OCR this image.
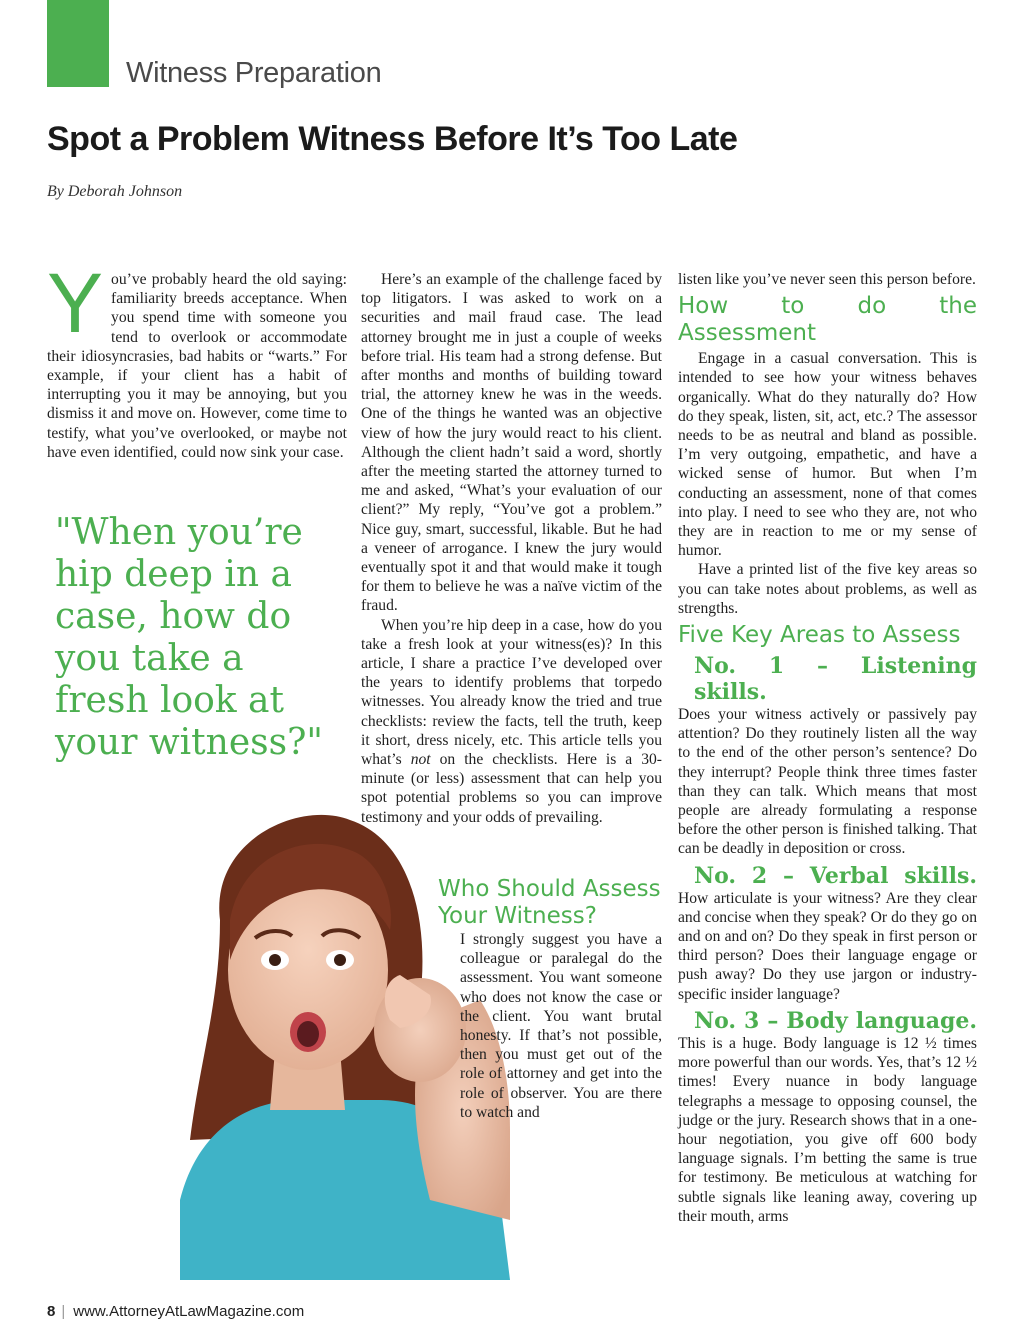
Witness Preparation
Spot a Problem Witness Before It’s Too Late
By Deborah Johnson
Y ou’ve probably heard the old saying: familiarity breeds acceptance. When you spend time with someone you tend to overlook or accommodate their idiosyncrasies, bad habits or “warts.” For example, if your client has a habit of interrupting you it may be annoying, but you dismiss it and move on. However, come time to testify, what you’ve overlooked, or maybe not have even identified, could now sink your case.

"When you’re hip deep in a case, how do you take a fresh look at your witness?"

Here’s an example of the challenge faced by top litigators. I was asked to work on a securities and mail fraud case. The lead attorney brought me in just a couple of weeks before trial. His team had a strong defense. But after months and months of building toward trial, the attorney knew he was in the weeds. One of the things he wanted was an objective view of how the jury would react to his client. Although the client hadn’t said a word, shortly after the meeting started the attorney turned to me and asked, “What’s your evaluation of our client?” My reply, “You’ve got a problem.” Nice guy, smart, successful, likable. But he had a veneer of arrogance. I knew the jury would eventually spot it and that would make it tough for them to believe he was a naïve victim of the fraud.

When you’re hip deep in a case, how do you take a fresh look at your witness(es)? In this article, I share a practice I’ve developed over the years to identify problems that torpedo witnesses. You already know the tried and true checklists: review the facts, tell the truth, keep it short, dress nicely, etc. This article tells you what’s not on the checklists. Here is a 30-minute (or less) assessment that can help you spot potential problems so you can improve testimony and your odds of prevailing.

Who Should Assess Your Witness?

I strongly suggest you have a colleague or paralegal do the assessment. You want someone who does not know the case or the client. You want brutal honesty. If that’s not possible, then you must get out of the role of attorney and get into the role of observer. You are there to watch and

listen like you’ve never seen this person before.

How to do the Assessment

Engage in a casual conversation. This is intended to see how your witness behaves organically. What do they naturally do? How do they speak, listen, sit, act, etc.? The assessor needs to be as neutral and bland as possible. I’m very outgoing, empathetic, and have a wicked sense of humor. But when I’m conducting an assessment, none of that comes into play. I need to see who they are, not who they are in reaction to me or my sense of humor.

Have a printed list of the five key areas so you can take notes about problems, as well as strengths.

Five Key Areas to Assess
No. 1 – Listening skills.

Does your witness actively or passively pay attention? Do they routinely listen all the way to the end of the other person’s sentence? Do they interrupt? People think three times faster than they can talk. Which means that most people are already formulating a response before the other person is finished talking. That can be deadly in deposition or cross.

No. 2 – Verbal skills.

How articulate is your witness? Are they clear and concise when they speak? Or do they go on and on and on? Do they speak in first person or third person? Does their language engage or push away? Do they use jargon or industry-specific insider language?

No. 3 – Body language.

This is a huge. Body language is 12 ½ times more powerful than our words. Yes, that’s 12 ½ times! Every nuance in body language telegraphs a message to opposing counsel, the judge or the jury. Research shows that in a one-hour negotiation, you give off 600 body language signals. I’m betting the same is true for testimony. Be meticulous at watching for subtle signals like leaning away, covering up their mouth, arms

8 | www.AttorneyAtLawMagazine.com
